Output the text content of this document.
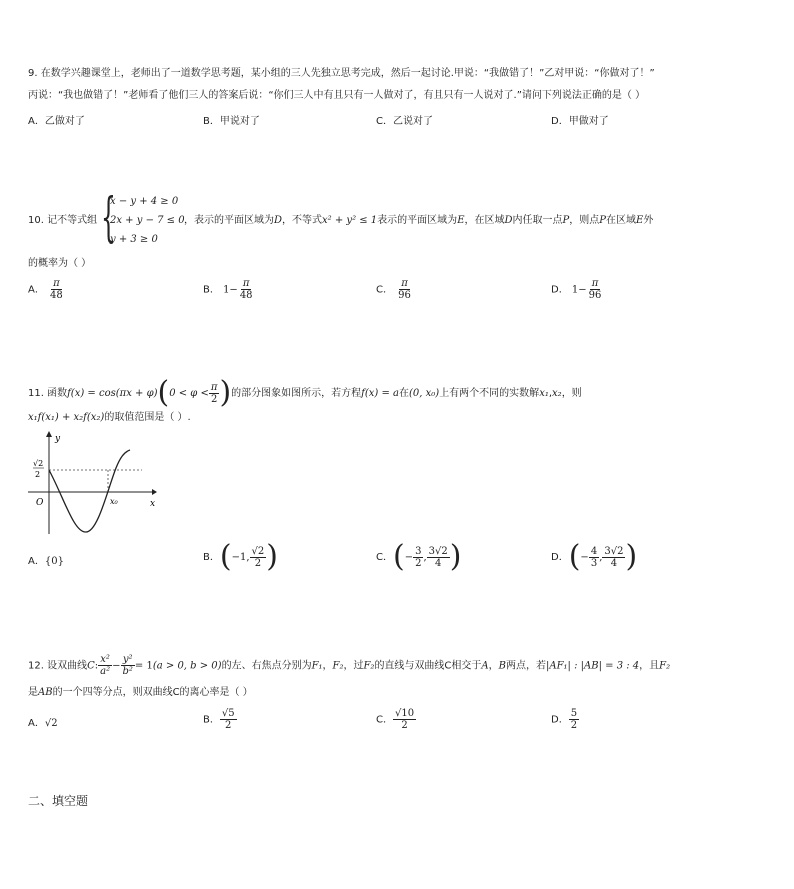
9. 在数学兴趣课堂上，老师出了一道数学思考题，某小组的三人先独立思考完成，然后一起讨论.甲说：“我做错了！”乙对甲说：“你做对了！”
丙说：“我也做错了！”老师看了他们三人的答案后说：“你们三人中有且只有一人做对了，有且只有一人说对了.”请问下列说法正确的是（ ）
A．乙做对了	B．甲说对了	C．乙说对了	D．甲做对了
10. 记不等式组 {
x − y + 4 ≥ 0
2x + y − 7 ≤ 0
y + 3 ≥ 0
，表示的平面区域为D，不等式x² + y² ≤ 1表示的平面区域为E，在区域D内任取一点P，则点P在区域E外
的概率为（ ）
A． $\frac{\pi}{48}$	B． $1- \frac{\pi}{48}$	C． $\frac{\pi}{96}$	D． $1- \frac{\pi}{96}$
11. 函数$f(x) = \cos(\pi x + \varphi)(0 < \varphi < \frac{\pi}{2}$ )的部分图象如图所示，若方程f(x) = a在(0, x₀)上有两个不同的实数解x₁,x₂，则
x₁f(x₁) + x₂f(x₂)的取值范围是（ ）.
y
x
O	x₀
√2
2
A．{0}	B．(−1, $\frac{√2}{2}$ )	C．(− $\frac{3}{2}$ , $\frac{3√2}{4}$ )	D．(− $\frac{4}{3}$ , $\frac{3√2}{4}$ )
12. 设双曲线C: $\frac{\text{x²}}{\text{a²}} - \frac{\text{y²}}{\text{b²}} = 1(a > 0$, b > 0)的左、右焦点分别为F₁，F₂，过F₂的直线与双曲线C相交于A，B两点，若|AF₁| : |AB| = 3 : 4，且F₂
是AB的一个四等分点，则双曲线C的离心率是（ ）
A．√2	B． $\frac{√5}{2}$	C． $\frac{√10}{2}$	D． $\frac{5}{2}$
二、填空题
